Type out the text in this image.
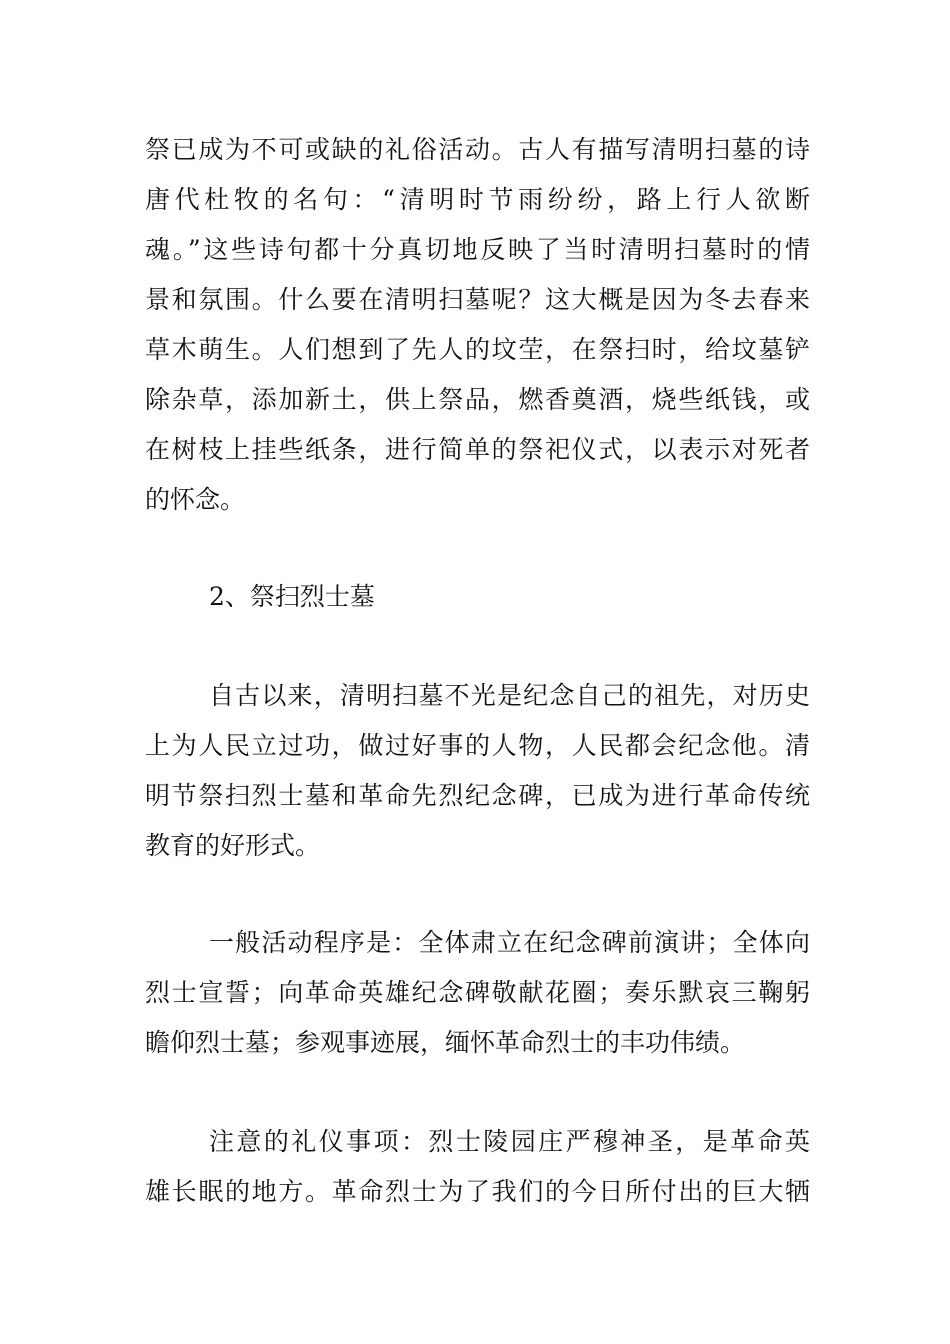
祭已成为不可或缺的礼俗活动。古人有描写清明扫墓的诗
唐代杜牧的名句：“清明时节雨纷纷，路上行人欲断
魂。”这些诗句都十分真切地反映了当时清明扫墓时的情
景和氛围。什么要在清明扫墓呢？这大概是因为冬去春来
草木萌生。人们想到了先人的坟茔，在祭扫时，给坟墓铲
除杂草，添加新土，供上祭品，燃香奠酒，烧些纸钱，或
在树枝上挂些纸条，进行简单的祭祀仪式，以表示对死者
的怀念。
2、祭扫烈士墓
自古以来，清明扫墓不光是纪念自己的祖先，对历史
上为人民立过功，做过好事的人物，人民都会纪念他。清
明节祭扫烈士墓和革命先烈纪念碑，已成为进行革命传统
教育的好形式。
一般活动程序是：全体肃立在纪念碑前演讲；全体向
烈士宣誓；向革命英雄纪念碑敬献花圈；奏乐默哀三鞠躬
瞻仰烈士墓；参观事迹展，缅怀革命烈士的丰功伟绩。
注意的礼仪事项：烈士陵园庄严穆神圣，是革命英
雄长眠的地方。革命烈士为了我们的今日所付出的巨大牺
